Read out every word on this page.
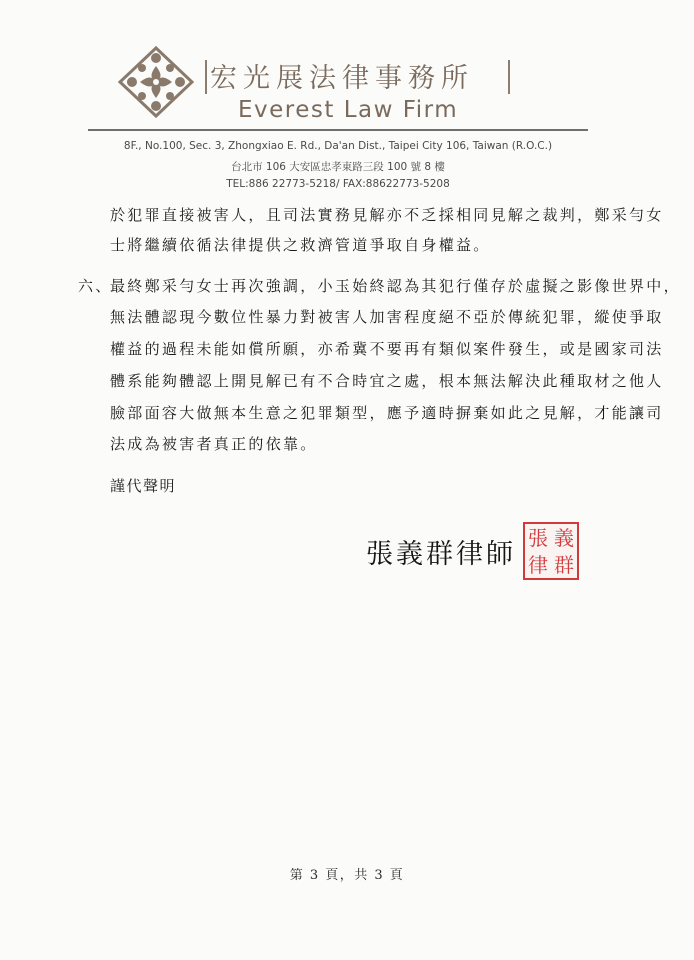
宏光展法律事務所
Everest Law Firm
8F., No.100, Sec. 3, Zhongxiao E. Rd., Da'an Dist., Taipei City 106, Taiwan (R.O.C.)
台北市 106 大安區忠孝東路三段 100 號 8 樓
TEL:886 22773-5218/ FAX:88622773-5208
於犯罪直接被害人，且司法實務見解亦不乏採相同見解之裁判，鄭采勻女
士將繼續依循法律提供之救濟管道爭取自身權益。
六、
最終鄭采勻女士再次強調，小玉始終認為其犯行僅存於虛擬之影像世界中，
無法體認現今數位性暴力對被害人加害程度絕不亞於傳統犯罪，縱使爭取
權益的過程未能如償所願，亦希冀不要再有類似案件發生，或是國家司法
體系能夠體認上開見解已有不合時宜之處，根本無法解決此種取材之他人
臉部面容大做無本生意之犯罪類型，應予適時摒棄如此之見解，才能讓司
法成為被害者真正的依靠。
謹代聲明
張義群律師
張 義
律 群
第 3 頁，共 3 頁
